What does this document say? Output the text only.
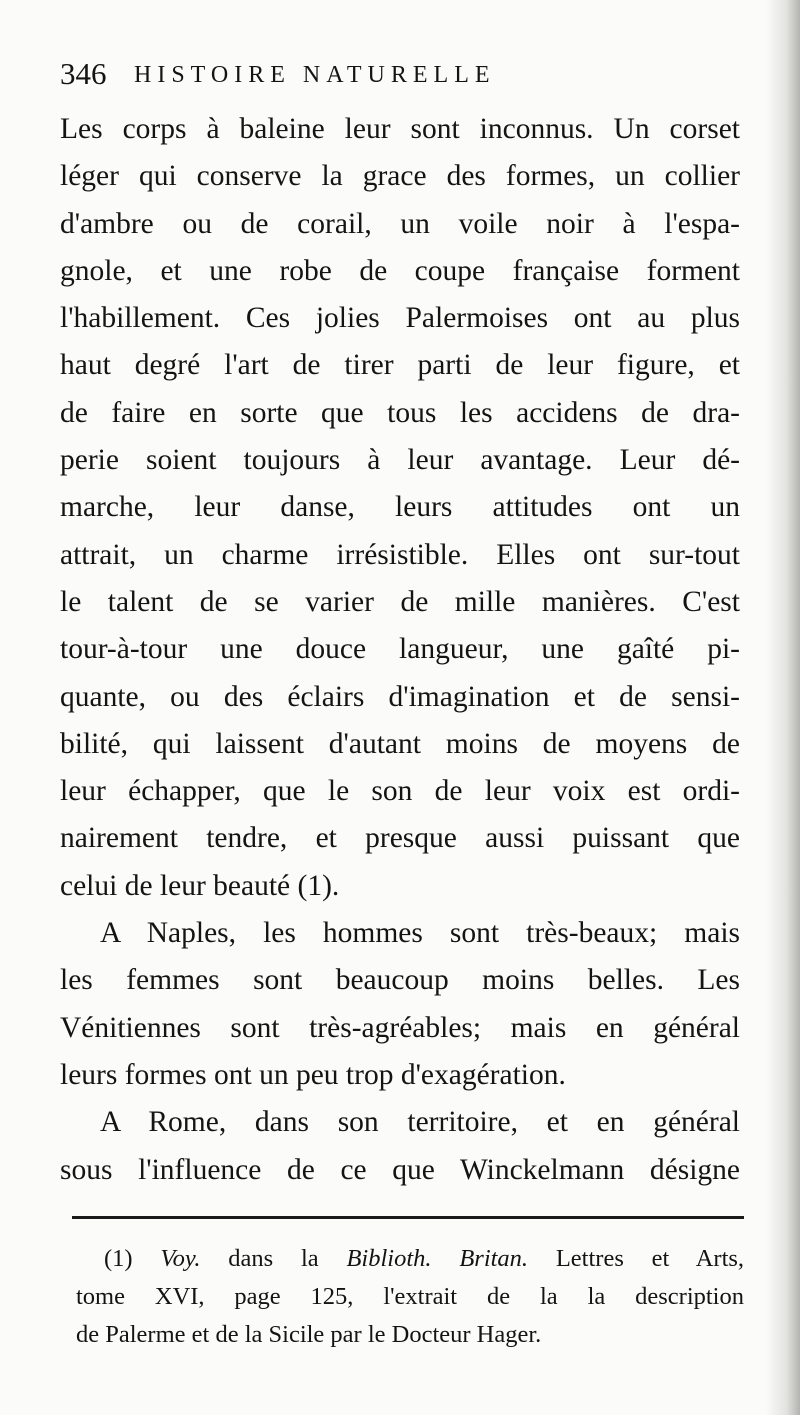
346 HISTOIRE NATURELLE
Les corps à baleine leur sont inconnus. Un corset
léger qui conserve la grace des formes, un collier
d'ambre ou de corail, un voile noir à l'espa-
gnole, et une robe de coupe française forment
l'habillement. Ces jolies Palermoises ont au plus
haut degré l'art de tirer parti de leur figure, et
de faire en sorte que tous les accidens de dra-
perie soient toujours à leur avantage. Leur dé-
marche, leur danse, leurs attitudes ont un
attrait, un charme irrésistible. Elles ont sur-tout
le talent de se varier de mille manières. C'est
tour-à-tour une douce langueur, une gaîté pi-
quante, ou des éclairs d'imagination et de sensi-
bilité, qui laissent d'autant moins de moyens de
leur échapper, que le son de leur voix est ordi-
nairement tendre, et presque aussi puissant que
celui de leur beauté (1).
A Naples, les hommes sont très-beaux; mais
les femmes sont beaucoup moins belles. Les
Vénitiennes sont très-agréables; mais en général
leurs formes ont un peu trop d'exagération.
A Rome, dans son territoire, et en général
sous l'influence de ce que Winckelmann désigne
(1) Voy. dans la Biblioth. Britan. Lettres et Arts,
tome XVI, page 125, l'extrait de la la description
de Palerme et de la Sicile par le Docteur Hager.
